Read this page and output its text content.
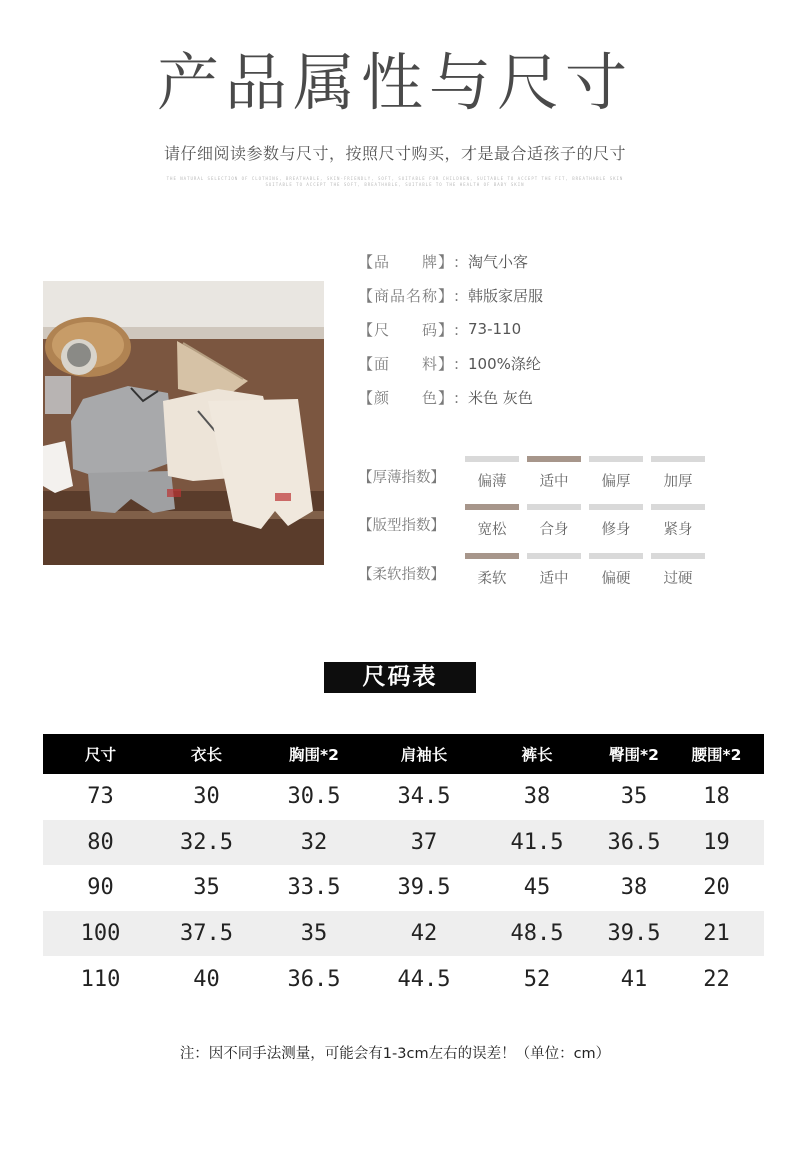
产品属性与尺寸
请仔细阅读参数与尺寸，按照尺寸购买，才是最合适孩子的尺寸
THE NATURAL SELECTION OF CLOTHING, BREATHABLE, SKIN-FRIENDLY, SOFT, SUITABLE FOR CHILDREN, SUITABLE TO ACCEPT THE FIT, BREATHABLE SKIN
SUITABLE TO ACCEPT THE SOFT, BREATHABLE, SUITABLE TO THE HEALTH OF BABY SKIN
【品　　牌】: 淘气小客
【商品名称】: 韩版家居服
【尺　　码】: 73-110
【面　　料】: 100%涤纶
【颜　　色】: 米色 灰色
【厚薄指数】	偏薄	适中	偏厚	加厚
【版型指数】	宽松	合身	修身	紧身
【柔软指数】	柔软	适中	偏硬	过硬
尺码表
尺寸	衣长	胸围*2	肩袖长	裤长	臀围*2	腰围*2
73	30	30.5	34.5	38	35	18
80	32.5	32	37	41.5	36.5	19
90	35	33.5	39.5	45	38	20
100	37.5	35	42	48.5	39.5	21
110	40	36.5	44.5	52	41	22
注：因不同手法测量，可能会有1-3cm左右的误差！（单位：cm）
